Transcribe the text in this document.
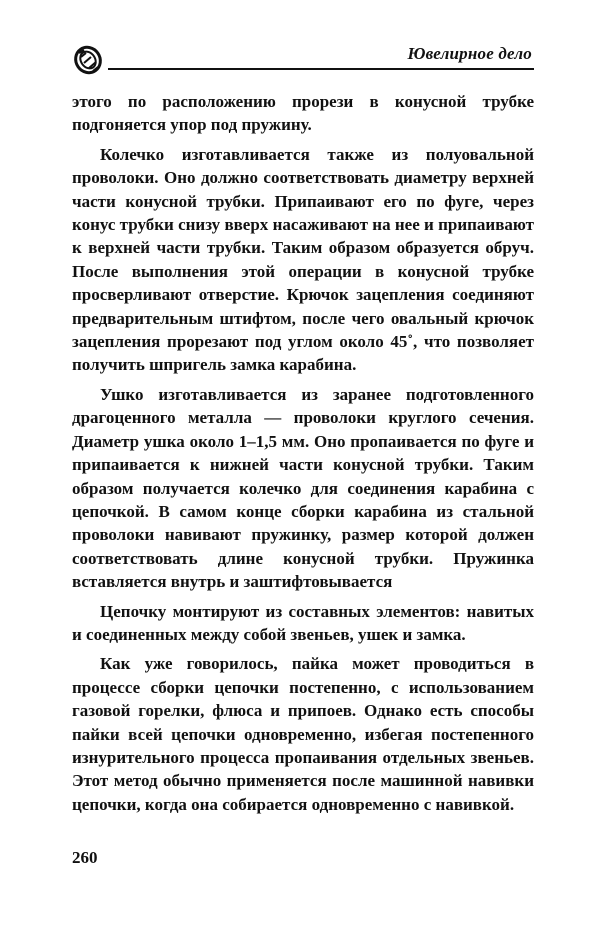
Ювелирное дело

этого по расположению прорези в конусной трубке подгоняется упор под пружину.

Колечко изготавливается также из полуовальной проволоки. Оно должно соответствовать диаметру верхней части конусной трубки. Припаивают его по фуге, через конус трубки снизу вверх насаживают на нее и припаивают к верхней части трубки. Таким образом образуется обруч. После выполнения этой операции в конусной трубке просверливают отверстие. Крючок зацепления соединяют предварительным штифтом, после чего овальный крючок зацепления прорезают под углом около 45˚, что позволяет получить шпригель замка карабина.

Ушко изготавливается из заранее подготовленного драгоценного металла — проволоки круглого сечения. Диаметр ушка около 1–1,5 мм. Оно пропаивается по фуге и припаивается к нижней части конусной трубки. Таким образом получается колечко для соединения карабина с цепочкой. В самом конце сборки карабина из стальной проволоки навивают пружинку, размер которой должен соответствовать длине конусной трубки. Пружинка вставляется внутрь и заштифтовывается

Цепочку монтируют из составных элементов: навитых и соединенных между собой звеньев, ушек и замка.

Как уже говорилось, пайка может проводиться в процессе сборки цепочки постепенно, с использованием газовой горелки, флюса и припоев. Однако есть способы пайки всей цепочки одновременно, избегая постепенного изнурительного процесса пропаивания отдельных звеньев. Этот метод обычно применяется после машинной навивки цепочки, когда она собирается одновременно с навивкой.

260
